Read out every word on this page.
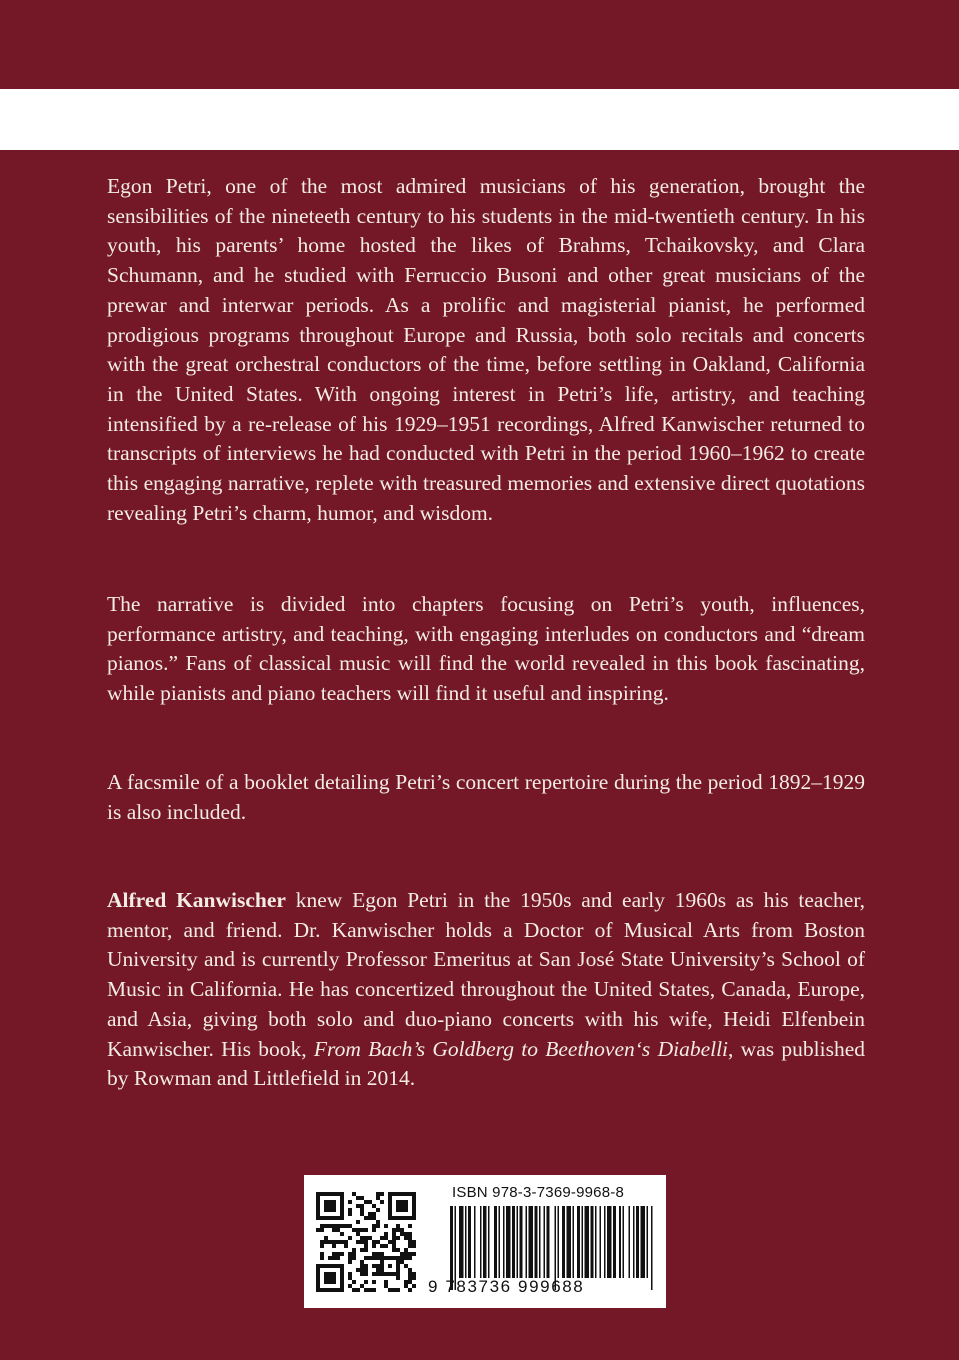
Egon Petri, one of the most admired musicians of his generation, brought the sensibilities of the nineteeth century to his students in the mid-twentieth century. In his youth, his parents’ home hosted the likes of Brahms, Tchaikovsky, and Clara Schumann, and he studied with Ferruccio Busoni and other great musicians of the prewar and interwar periods. As a prolific and magisterial pianist, he performed prodigious programs throughout Europe and Russia, both solo recitals and concerts with the great orchestral conductors of the time, before settling in Oakland, California in the United States. With ongoing interest in Petri’s life, artistry, and teaching intensified by a re-release of his 1929–1951 recordings, Alfred Kanwischer returned to transcripts of interviews he had conducted with Petri in the period 1960–1962 to create this engaging narrative, replete with treasured memories and extensive direct quotations revealing Petri’s charm, humor, and wisdom.

The narrative is divided into chapters focusing on Petri’s youth, influences, performance artistry, and teaching, with engaging interludes on conductors and “dream pianos.” Fans of classical music will find the world revealed in this book fascinating, while pianists and piano teachers will find it useful and inspiring.

A facsmile of a booklet detailing Petri’s concert repertoire during the period 1892–1929 is also included.

Alfred Kanwischer knew Egon Petri in the 1950s and early 1960s as his teacher, mentor, and friend. Dr. Kanwischer holds a Doctor of Musical Arts from Boston University and is currently Professor Emeritus at San José State University’s School of Music in California. He has concertized throughout the United States, Canada, Europe, and Asia, giving both solo and duo-piano concerts with his wife, Heidi Elfenbein Kanwischer. His book, From Bach’s Goldberg to Beethoven‘s Diabelli, was published by Rowman and Littlefield in 2014.

ISBN 978-3-7369-9968-8
9 783736 999688
